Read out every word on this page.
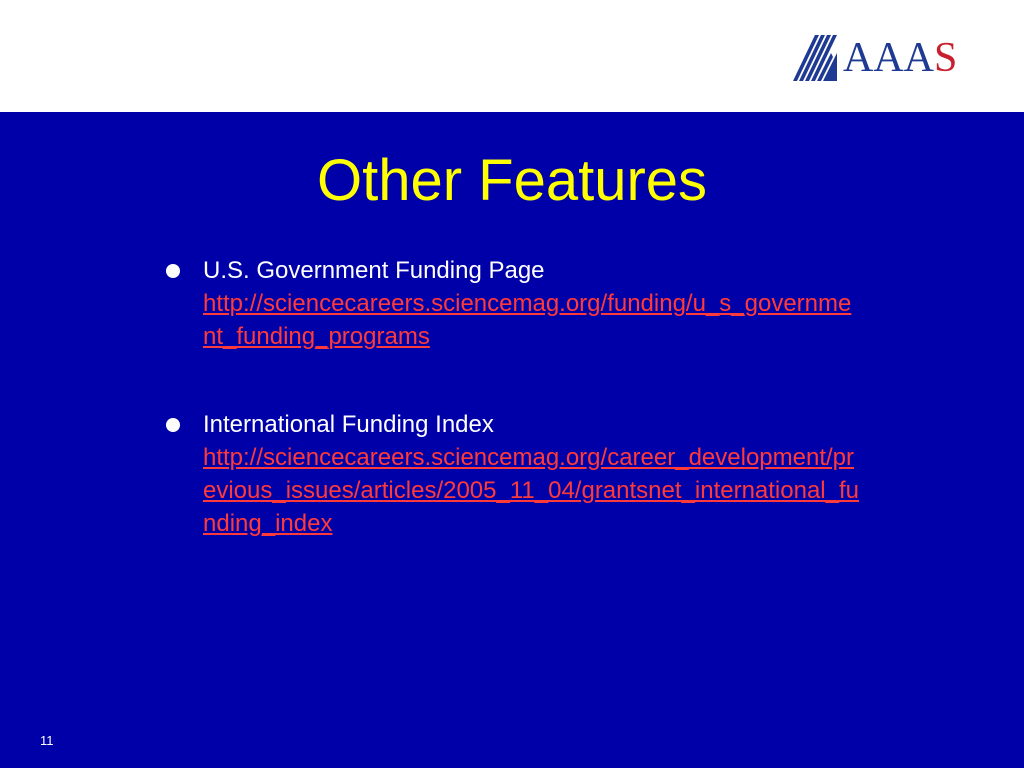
AAAS
Other Features
U.S. Government Funding Page
http://sciencecareers.sciencemag.org/funding/u_s_government_funding_programs
International Funding Index
http://sciencecareers.sciencemag.org/career_development/previous_issues/articles/2005_11_04/grantsnet_international_funding_index
11
